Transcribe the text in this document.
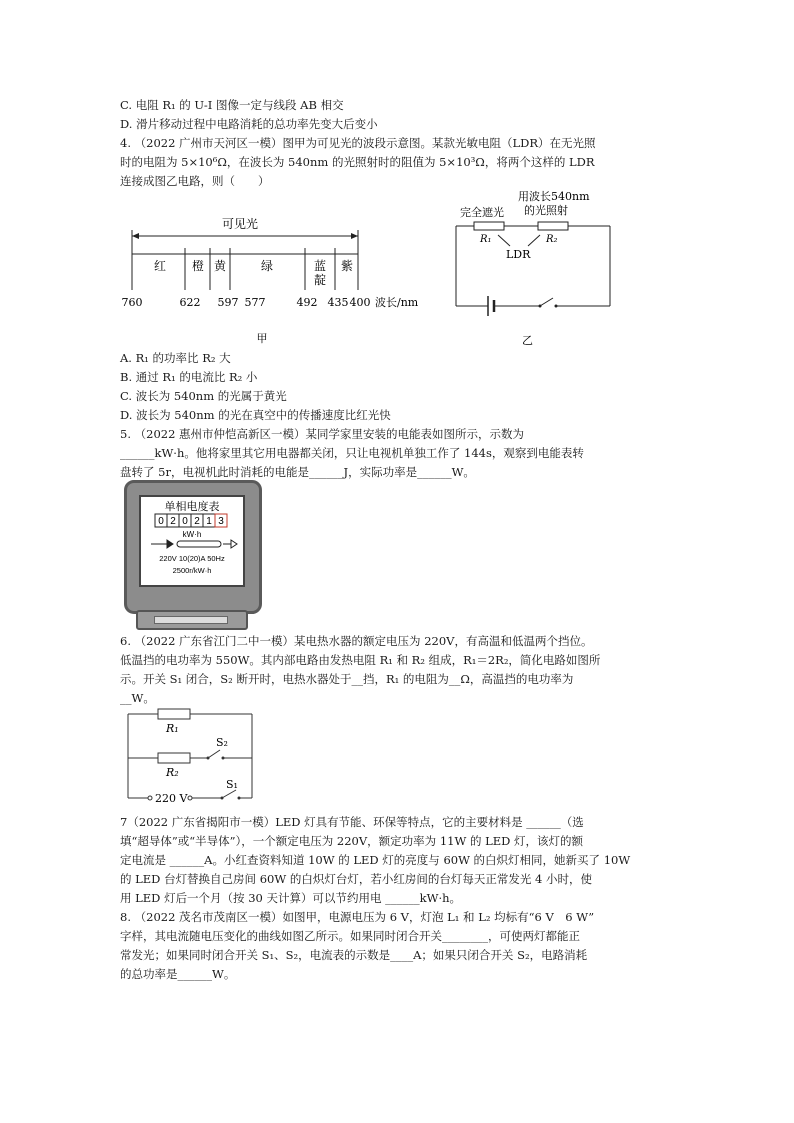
C. 电阻 R₁ 的 U-I 图像一定与线段 AB 相交
D. 滑片移动过程中电路消耗的总功率先变大后变小
4. （2022 广州市天河区一模）图甲为可见光的波段示意图。某款光敏电阻（LDR）在无光照
时的电阻为 5×10⁶Ω，在波长为 540nm 的光照射时的阻值为 5×10³Ω，将两个这样的 LDR
连接成图乙电路，则（　　）
可见光
红 橙 黄	绿	蓝
靛
紫
760	622 597 577	492 435 400 波长/nm
甲
用波长540nm
的光照射
完全遮光
R₁	R₂
LDR
乙
A. R₁ 的功率比 R₂ 大
B. 通过 R₁ 的电流比 R₂ 小
C. 波长为 540nm 的光属于黄光
D. 波长为 540nm 的光在真空中的传播速度比红光快
5. （2022 惠州市仲恺高新区一模）某同学家里安装的电能表如图所示，示数为
______kW·h。他将家里其它用电器都关闭，只让电视机单独工作了 144s，观察到电能表转
盘转了 5r，电视机此时消耗的电能是______J，实际功率是______W。
单相电度表
0 2 0 2 1 3
kW·h
220V 10(20)A 50Hz
2500r/kW·h
6. （2022 广东省江门二中一模）某电热水器的额定电压为 220V，有高温和低温两个挡位。
低温挡的电功率为 550W。其内部电路由发热电阻 R₁ 和 R₂ 组成，R₁＝2R₂，简化电路如图所
示。开关 S₁ 闭合，S₂ 断开时，电热水器处于__挡，R₁ 的电阻为__Ω，高温挡的电功率为
__W。
R₁
R₂
S₂
S₁
220 V
7（2022 广东省揭阳市一模）LED 灯具有节能、环保等特点，它的主要材料是 ______（选
填“超导体”或“半导体”），一个额定电压为 220V，额定功率为 11W 的 LED 灯，该灯的额
定电流是 ______A。小红查资料知道 10W 的 LED 灯的亮度与 60W 的白炽灯相同，她新买了 10W
的 LED 台灯替换自己房间 60W 的白炽灯台灯，若小红房间的台灯每天正常发光 4 小时，使
用 LED 灯后一个月（按 30 天计算）可以节约用电 ______kW·h。
8. （2022 茂名市茂南区一模）如图甲，电源电压为 6 V，灯泡 L₁ 和 L₂ 均标有“6 V　6 W”
字样，其电流随电压变化的曲线如图乙所示。如果同时闭合开关________，可使两灯都能正
常发光；如果同时闭合开关 S₁、S₂，电流表的示数是____A；如果只闭合开关 S₂，电路消耗
的总功率是______W。
